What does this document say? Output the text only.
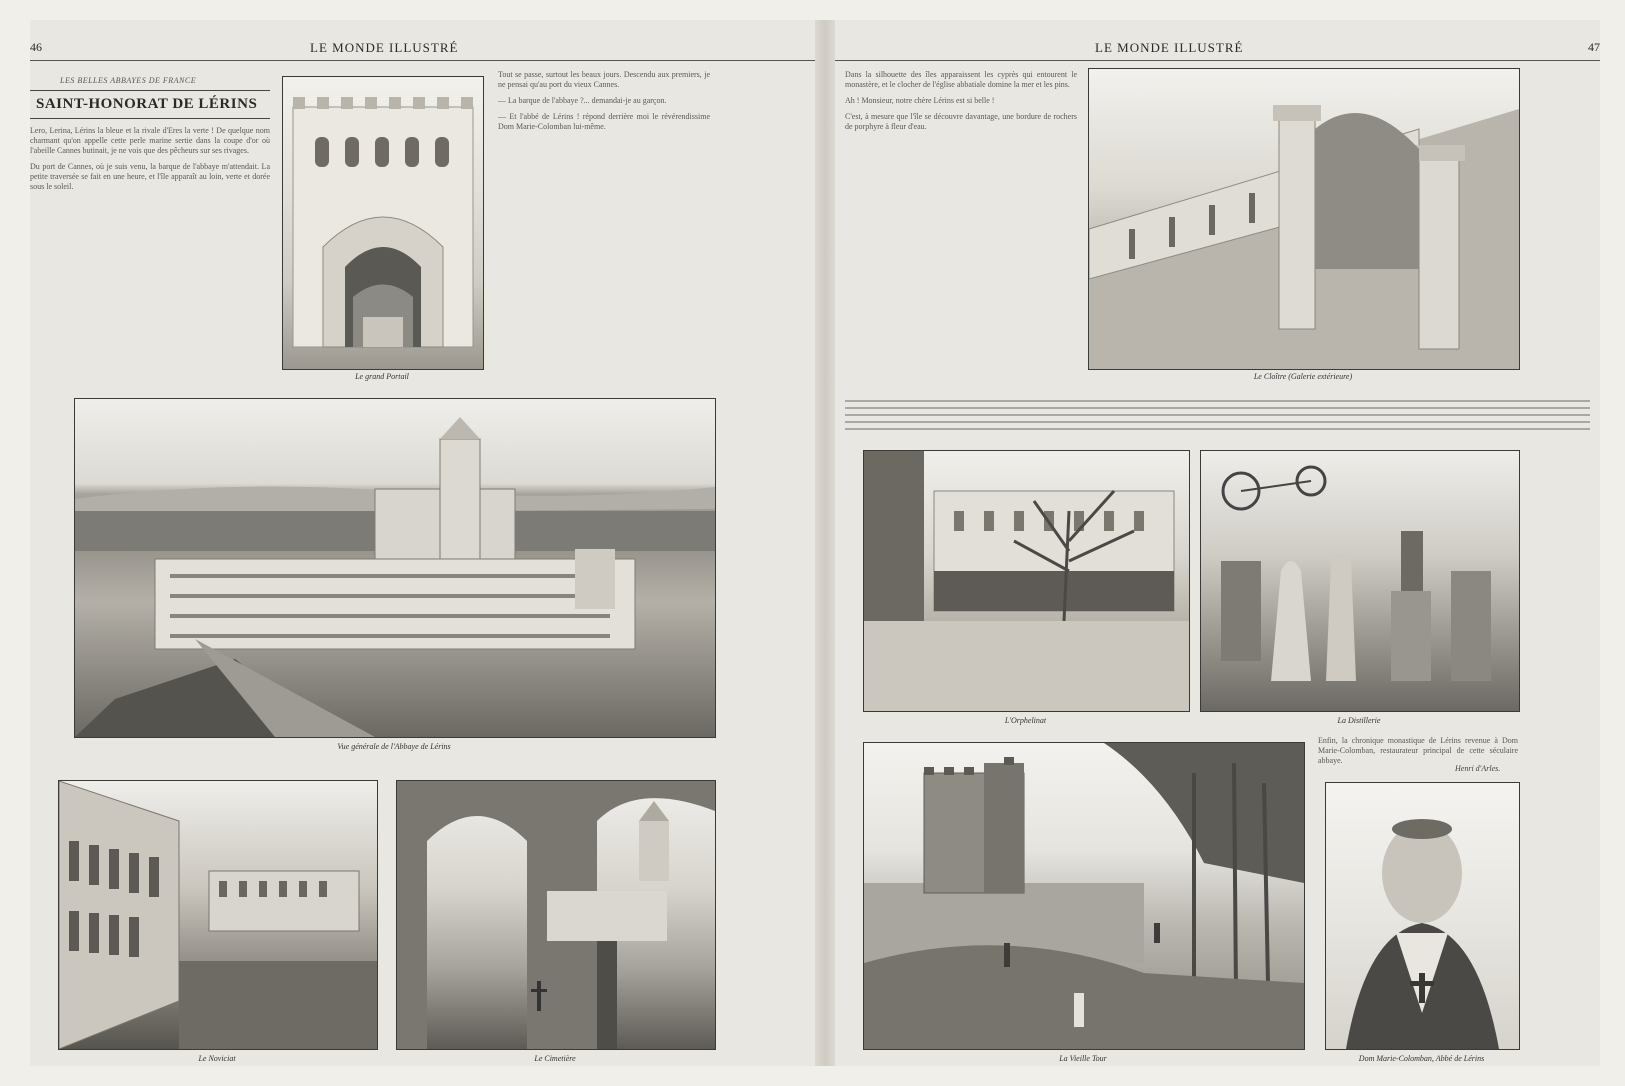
46	LE MONDE ILLUSTRÉ
LES BELLES ABBAYES DE FRANCE
SAINT-HONORAT DE LÉRINS

Lero, Lerina, Lérins la bleue et la rivale d'Eres la verte ! De quelque nom charmant qu'on appelle cette perle marine sertie dans la coupe d'or où l'abeille Cannes butinait, je ne vois que des pêcheurs sur ses rivages.

Du port de Cannes, où je suis venu, la barque de l'abbaye m'attendait. La petite traversée se fait en une heure, et l'île apparaît au loin, verte et dorée sous le soleil.

Le grand Portail

Tout se passe, surtout les beaux jours. Descendu aux premiers, je ne pensai qu'au port du vieux Cannes.

— La barque de l'abbaye ?... demandai-je au garçon.

— Et l'abbé de Lérins ! répond derrière moi le révérendissime Dom Marie-Colomban lui-même.

Vue générale de l'Abbaye de Lérins
Le Noviciat	Le Cimetière
LE MONDE ILLUSTRÉ	47

Dans la silhouette des îles apparaissent les cyprès qui entourent le monastère, et le clocher de l'église abbatiale domine la mer et les pins.

Ah ! Monsieur, notre chère Lérins est si belle !

C'est, à mesure que l'île se découvre davantage, une bordure de rochers de porphyre à fleur d'eau.

Le Cloître (Galerie extérieure)
L'Orphelinat	La Distillerie
La Vieille Tour

Enfin, la chronique monastique de Lérins revenue à Dom Marie-Colomban, restaurateur principal de cette séculaire abbaye.

Henri d'Arles.
Dom Marie-Colomban, Abbé de Lérins
